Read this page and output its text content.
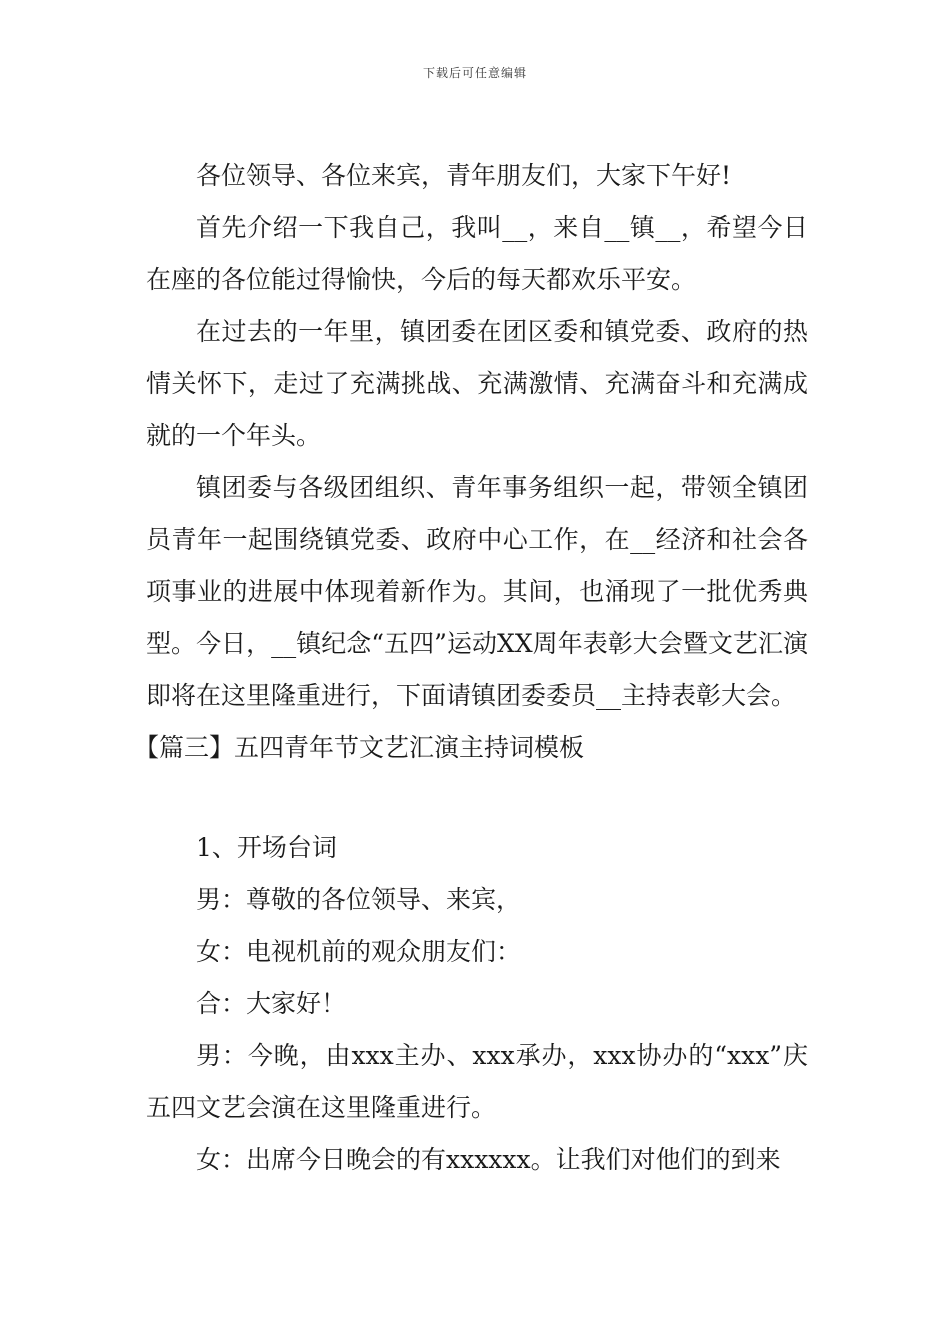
下载后可任意编辑

各位领导、各位来宾，青年朋友们，大家下午好!

首先介绍一下我自己，我叫__，来自__镇__，希望今日在座的各位能过得愉快，今后的每天都欢乐平安。

在过去的一年里，镇团委在团区委和镇党委、政府的热情关怀下，走过了充满挑战、充满激情、充满奋斗和充满成就的一个年头。

镇团委与各级团组织、青年事务组织一起，带领全镇团员青年一起围绕镇党委、政府中心工作，在__经济和社会各项事业的进展中体现着新作为。其间，也涌现了一批优秀典型。今日，__镇纪念“五四”运动XX周年表彰大会暨文艺汇演即将在这里隆重进行，下面请镇团委委员__主持表彰大会。

【篇三】五四青年节文艺汇演主持词模板

1、开场台词

男：尊敬的各位领导、来宾，

女：电视机前的观众朋友们：

合：大家好！

男：今晚，由xxx主办、xxx承办，xxx协办的“xxx”庆五四文艺会演在这里隆重进行。

女：出席今日晚会的有xxxxxx。让我们对他们的到来
